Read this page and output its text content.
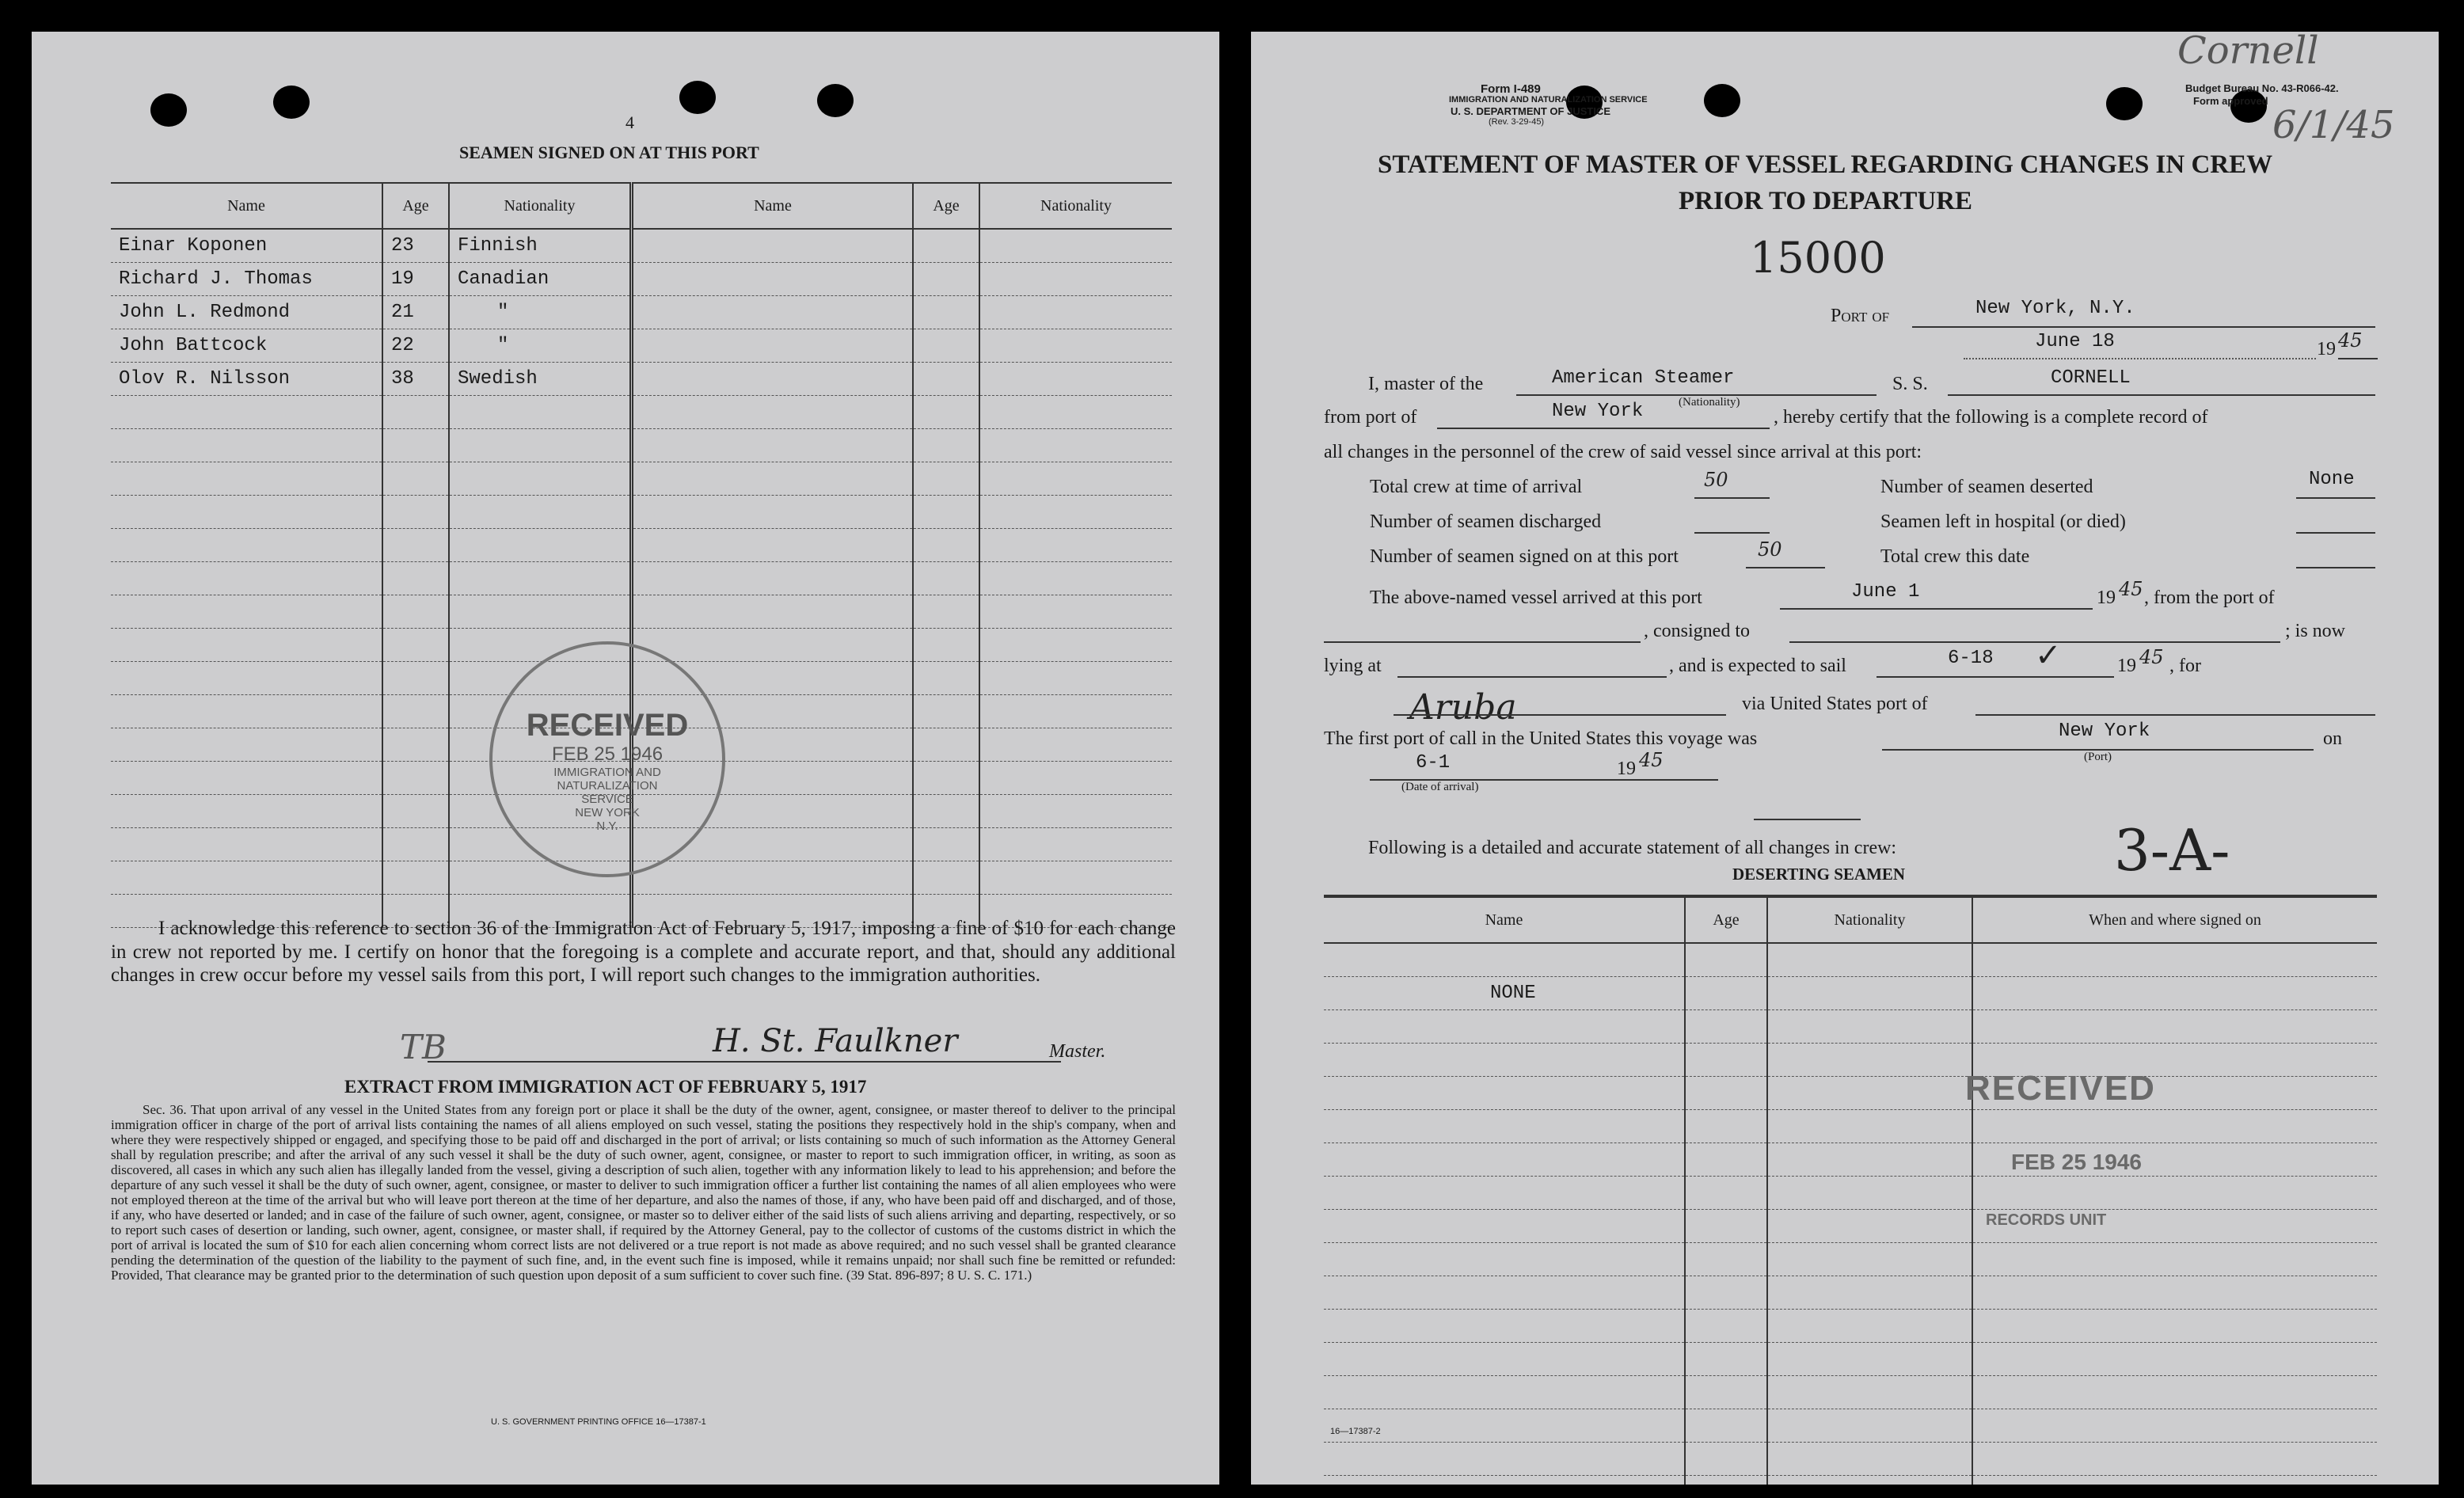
4
SEAMEN SIGNED ON AT THIS PORT
Name	Age	Nationality	Name	Age	Nationality
Einar Koponen	23	Finnish			
Richard J. Thomas	19	Canadian			
John L. Redmond	21	"			
John Battcock	22	"			
Olov R. Nilsson	38	Swedish			

RECEIVED
FEB 25 1946
IMMIGRATION AND
NATURALIZATION
SERVICE
NEW YORK
N.Y.
I acknowledge this reference to section 36 of the Immigration Act of February 5, 1917, imposing a fine of $10 for each change in crew not reported by me. I certify on honor that the foregoing is a complete and accurate report, and that, should any additional changes in crew occur before my vessel sails from this port, I will report such changes to the immigration authorities.
TB	H. St. Faulkner	Master.
EXTRACT FROM IMMIGRATION ACT OF FEBRUARY 5, 1917
Sec. 36. That upon arrival of any vessel in the United States from any foreign port or place it shall be the duty of the owner, agent, consignee, or master thereof to deliver to the principal immigration officer in charge of the port of arrival lists containing the names of all aliens employed on such vessel, stating the positions they respectively hold in the ship's company, when and where they were respectively shipped or engaged, and specifying those to be paid off and discharged in the port of arrival; or lists containing so much of such information as the Attorney General shall by regulation prescribe; and after the arrival of any such vessel it shall be the duty of such owner, agent, consignee, or master to report to such immigration officer, in writing, as soon as discovered, all cases in which any such alien has illegally landed from the vessel, giving a description of such alien, together with any information likely to lead to his apprehension; and before the departure of any such vessel it shall be the duty of such owner, agent, consignee, or master to deliver to such immigration officer a further list containing the names of all alien employees who were not employed thereon at the time of the arrival but who will leave port thereon at the time of her departure, and also the names of those, if any, who have been paid off and discharged, and of those, if any, who have deserted or landed; and in case of the failure of such owner, agent, consignee, or master so to deliver either of the said lists of such aliens arriving and departing, respectively, or so to report such cases of desertion or landing, such owner, agent, consignee, or master shall, if required by the Attorney General, pay to the collector of customs of the customs district in which the port of arrival is located the sum of $10 for each alien concerning whom correct lists are not delivered or a true report is not made as above required; and no such vessel shall be granted clearance pending the determination of the question of the liability to the payment of such fine, and, in the event such fine is imposed, while it remains unpaid; nor shall such fine be remitted or refunded: Provided, That clearance may be granted prior to the determination of such question upon deposit of a sum sufficient to cover such fine. (39 Stat. 896-897; 8 U. S. C. 171.)
U. S. GOVERNMENT PRINTING OFFICE 16—17387-1
Form I-489
IMMIGRATION AND NATURALIZATION SERVICE
U. S. DEPARTMENT OF JUSTICE
(Rev. 3-29-45)
Budget Bureau No. 43-R066-42.
Form approved
Cornell
6/1/45
STATEMENT OF MASTER OF VESSEL REGARDING CHANGES IN CREW
PRIOR TO DEPARTURE
15000
Port of	New York, N.Y.
June 18	19 45
I, master of the	American Steamer
(Nationality)
S. S.	CORNELL
from port of	New York	, hereby certify that the following is a complete record of
all changes in the personnel of the crew of said vessel since arrival at this port:
Total crew at time of arrival	50	Number of seamen deserted	None
Number of seamen discharged	Seamen left in hospital (or died)
Number of seamen signed on at this port	50	Total crew this date
The above-named vessel arrived at this port	June 1	19 45 , from the port of
, consigned to	; is now
lying at	, and is expected to sail	6-18 ✓	19 45 , for
Aruba	via United States port of
The first port of call in the United States this voyage was	New York
(Port)
on
6-1
(Date of arrival)
19 45
Following is a detailed and accurate statement of all changes in crew:	3-A-
DESERTING SEAMEN
Name	Age	Nationality	When and where signed on

NONE			

RECEIVED
FEB 25 1946
RECORDS UNIT
16—17387-2
